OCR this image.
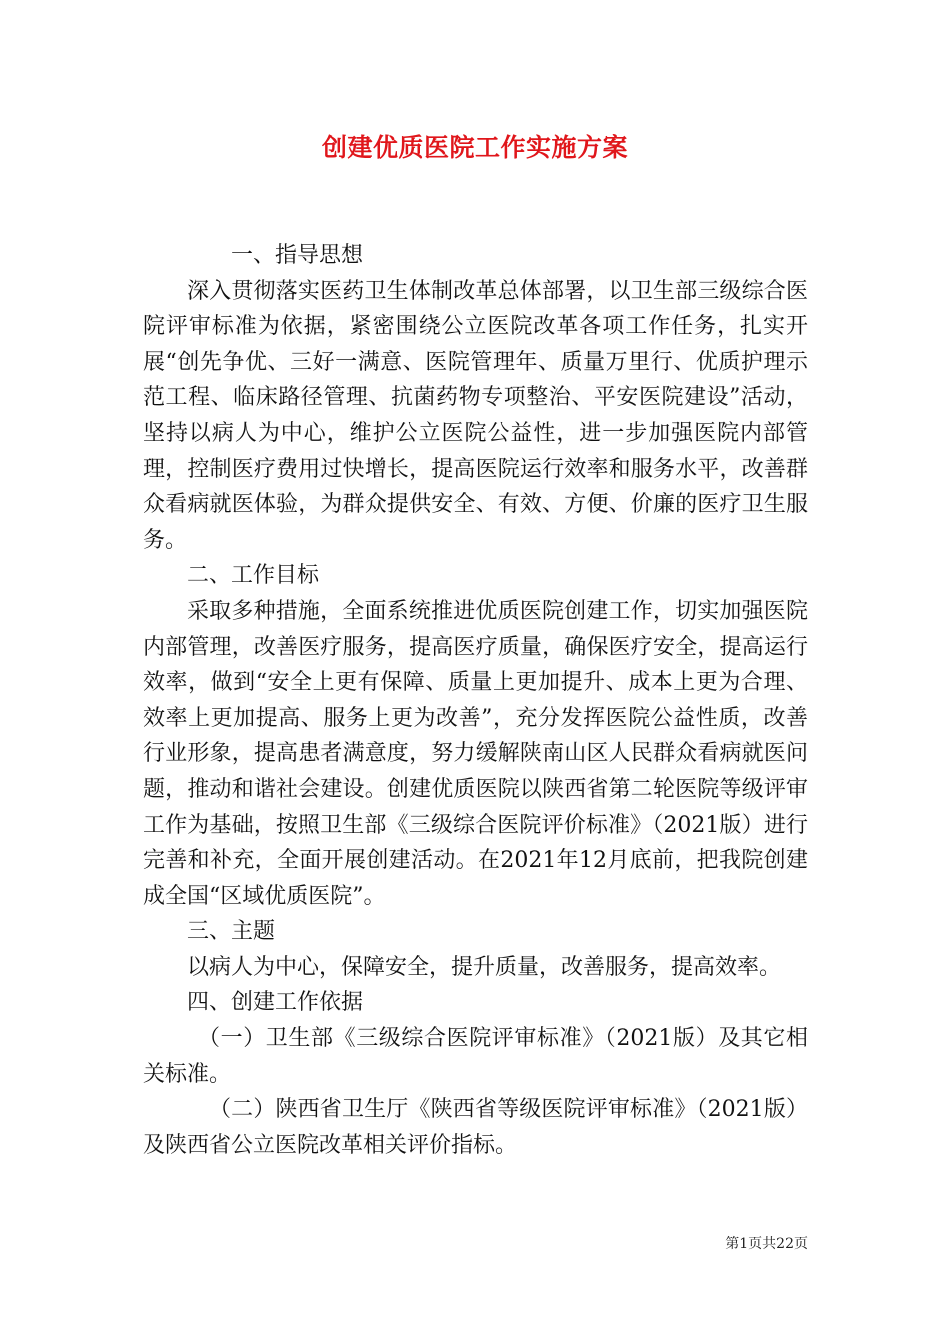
创建优质医院工作实施方案

一、指导思想

深入贯彻落实医药卫生体制改革总体部署，以卫生部三级综合医院评审标准为依据，紧密围绕公立医院改革各项工作任务，扎实开展“创先争优、三好一满意、医院管理年、质量万里行、优质护理示范工程、临床路径管理、抗菌药物专项整治、平安医院建设”活动，坚持以病人为中心，维护公立医院公益性，进一步加强医院内部管理，控制医疗费用过快增长，提高医院运行效率和服务水平，改善群众看病就医体验，为群众提供安全、有效、方便、价廉的医疗卫生服务。

二、工作目标

采取多种措施，全面系统推进优质医院创建工作，切实加强医院内部管理，改善医疗服务，提高医疗质量，确保医疗安全，提高运行效率，做到“安全上更有保障、质量上更加提升、成本上更为合理、效率上更加提高、服务上更为改善”，充分发挥医院公益性质，改善行业形象，提高患者满意度，努力缓解陕南山区人民群众看病就医问题，推动和谐社会建设。创建优质医院以陕西省第二轮医院等级评审工作为基础，按照卫生部《三级综合医院评价标准》（2021版）进行完善和补充，全面开展创建活动。在2021年12月底前，把我院创建成全国“区域优质医院”。

三、主题

以病人为中心，保障安全，提升质量，改善服务，提高效率。

四、创建工作依据

（一）卫生部《三级综合医院评审标准》（2021版）及其它相关标准。

（二）陕西省卫生厅《陕西省等级医院评审标准》（2021版）及陕西省公立医院改革相关评价指标。

第1页共22页
